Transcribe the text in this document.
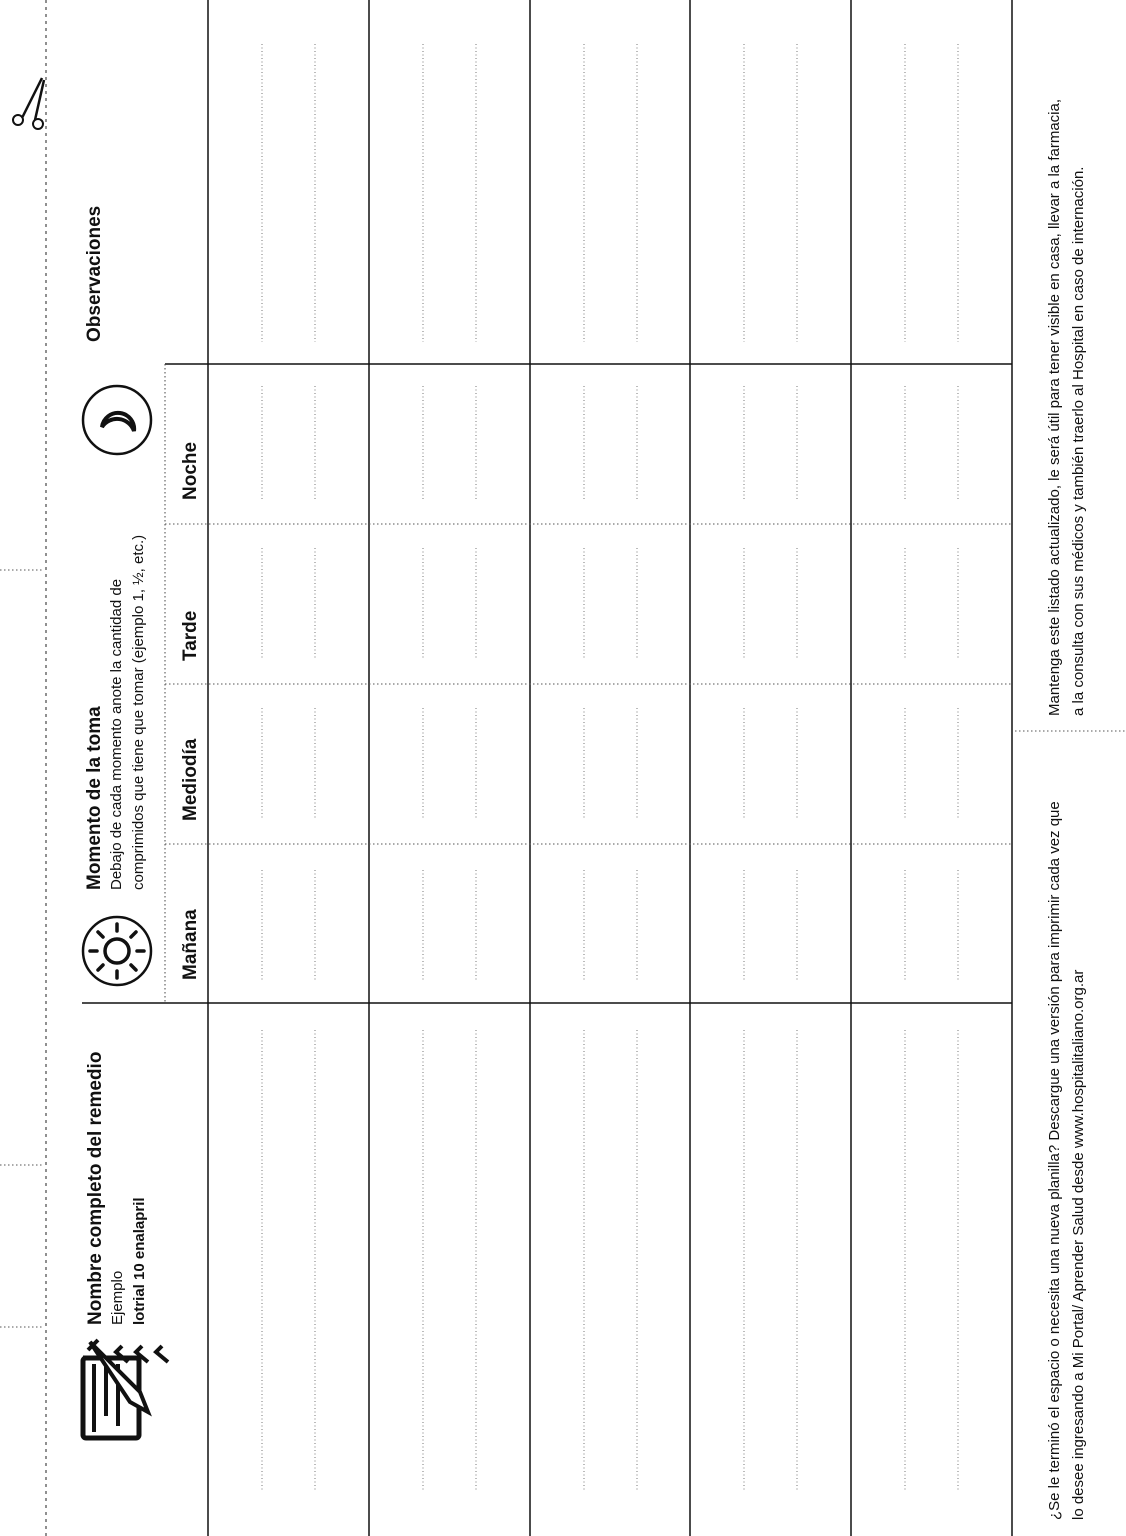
Nombre completo del remedio Ejemplo lotrial 10 enalapril
Momento de la toma Debajo de cada momento anote la cantidad de comprimidos que tiene que tomar (ejemplo 1, ½, etc.)
Mañana
Mediodía
Tarde
Noche
Observaciones
¿Se le terminó el espacio o necesita una nueva planilla? Descargue una versión para imprimir cada vez que lo desee ingresando a Mi Portal/ Aprender Salud desde www.hospitalitaliano.org.ar
Mantenga este listado actualizado, le será útil para tener visible en casa, llevar a la farmacia, a la consulta con sus médicos y también traerlo al Hospital en caso de internación.
